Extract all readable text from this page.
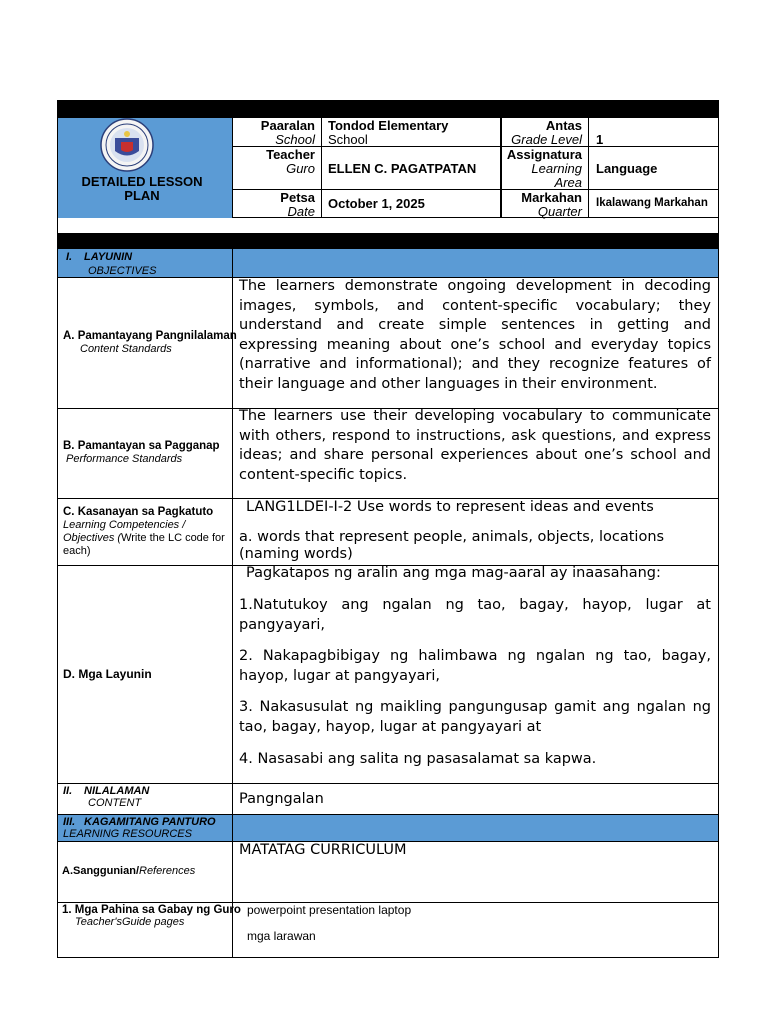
DETAILED LESSON
PLAN
Paaralan
School
Tondod Elementary
School
Antas
Grade Level 1
Teacher
Guro ELLEN C. PAGATPATAN
Assignatura
Learning
Area
Language
Petsa
Date
October 1, 2025	Markahan
Quarter
Ikalawang Markahan
I. LAYUNIN
OBJECTIVES
A. Pamantayang Pangnilalaman
Content Standards
The learners demonstrate ongoing development in decoding images, symbols, and content-specific vocabulary; they understand and create simple sentences in getting and expressing meaning about one’s school and everyday topics (narrative and informational); and they recognize features of their language and other languages in their environment.
B. Pamantayan sa Pagganap
Performance Standards
The learners use their developing vocabulary to communicate with others, respond to instructions, ask questions, and express ideas; and share personal experiences about one’s school and content-specific topics.
C. Kasanayan sa Pagkatuto
Learning Competencies /
Objectives (Write the LC code for
each)
LANG1LDEI-I-2 Use words to represent ideas and events
a. words that represent people, animals, objects, locations (naming words)
D. Mga Layunin
Pagkatapos ng aralin ang mga mag-aaral ay inaasahang:
1.Natutukoy ang ngalan ng tao, bagay, hayop, lugar at pangyayari,
2. Nakapagbibigay ng halimbawa ng ngalan ng tao, bagay, hayop, lugar at pangyayari,
3. Nakasusulat ng maikling pangungusap gamit ang ngalan ng tao, bagay, hayop, lugar at pangyayari at
4. Nasasabi ang salita ng pasasalamat sa kapwa.
II. NILALAMAN
CONTENT	Pangngalan
III. KAGAMITANG PANTURO
LEARNING RESOURCES
A.Sanggunian/References
MATATAG CURRICULUM
1. Mga Pahina sa Gabay ng Guro
Teacher'sGuide pages
powerpoint presentation laptop
mga larawan
